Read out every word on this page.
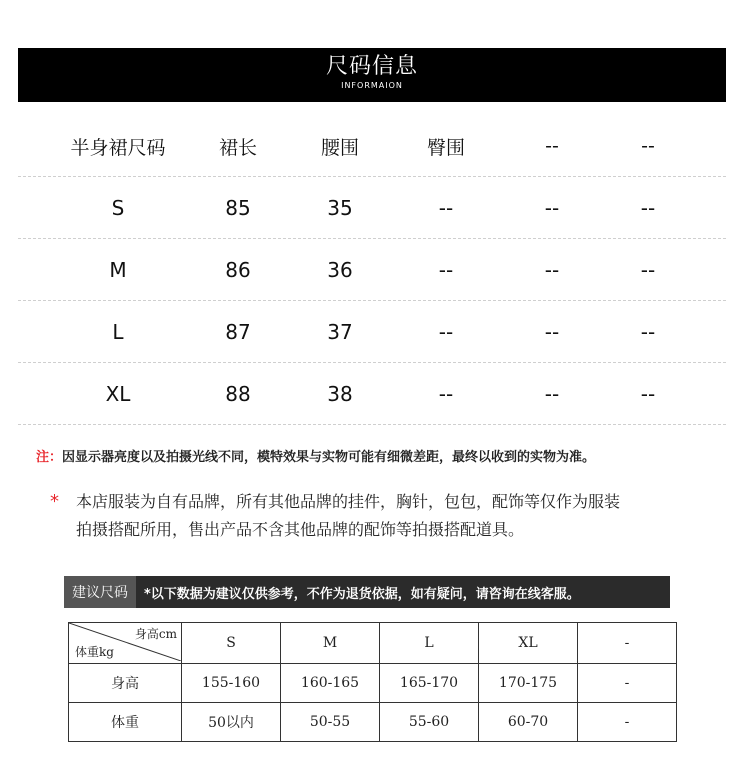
尺码信息
INFORMAION
半身裙尺码	裙长	腰围	臀围	--	--
S	85	35	--	--	--
M	86	36	--	--	--
L	87	37	--	--	--
XL	88	38	--	--	--
注：因显示器亮度以及拍摄光线不同，模特效果与实物可能有细微差距，最终以收到的实物为准。
* 本店服装为自有品牌，所有其他品牌的挂件，胸针，包包，配饰等仅作为服装
拍摄搭配所用，售出产品不含其他品牌的配饰等拍摄搭配道具。
建议尺码	*以下数据为建议仅供参考，不作为退货依据，如有疑问，请咨询在线客服。
身高cm
体重kg	S	M	L	XL	-
身高	155-160	160-165	165-170	170-175	-
体重	50以内	50-55	55-60	60-70	-
